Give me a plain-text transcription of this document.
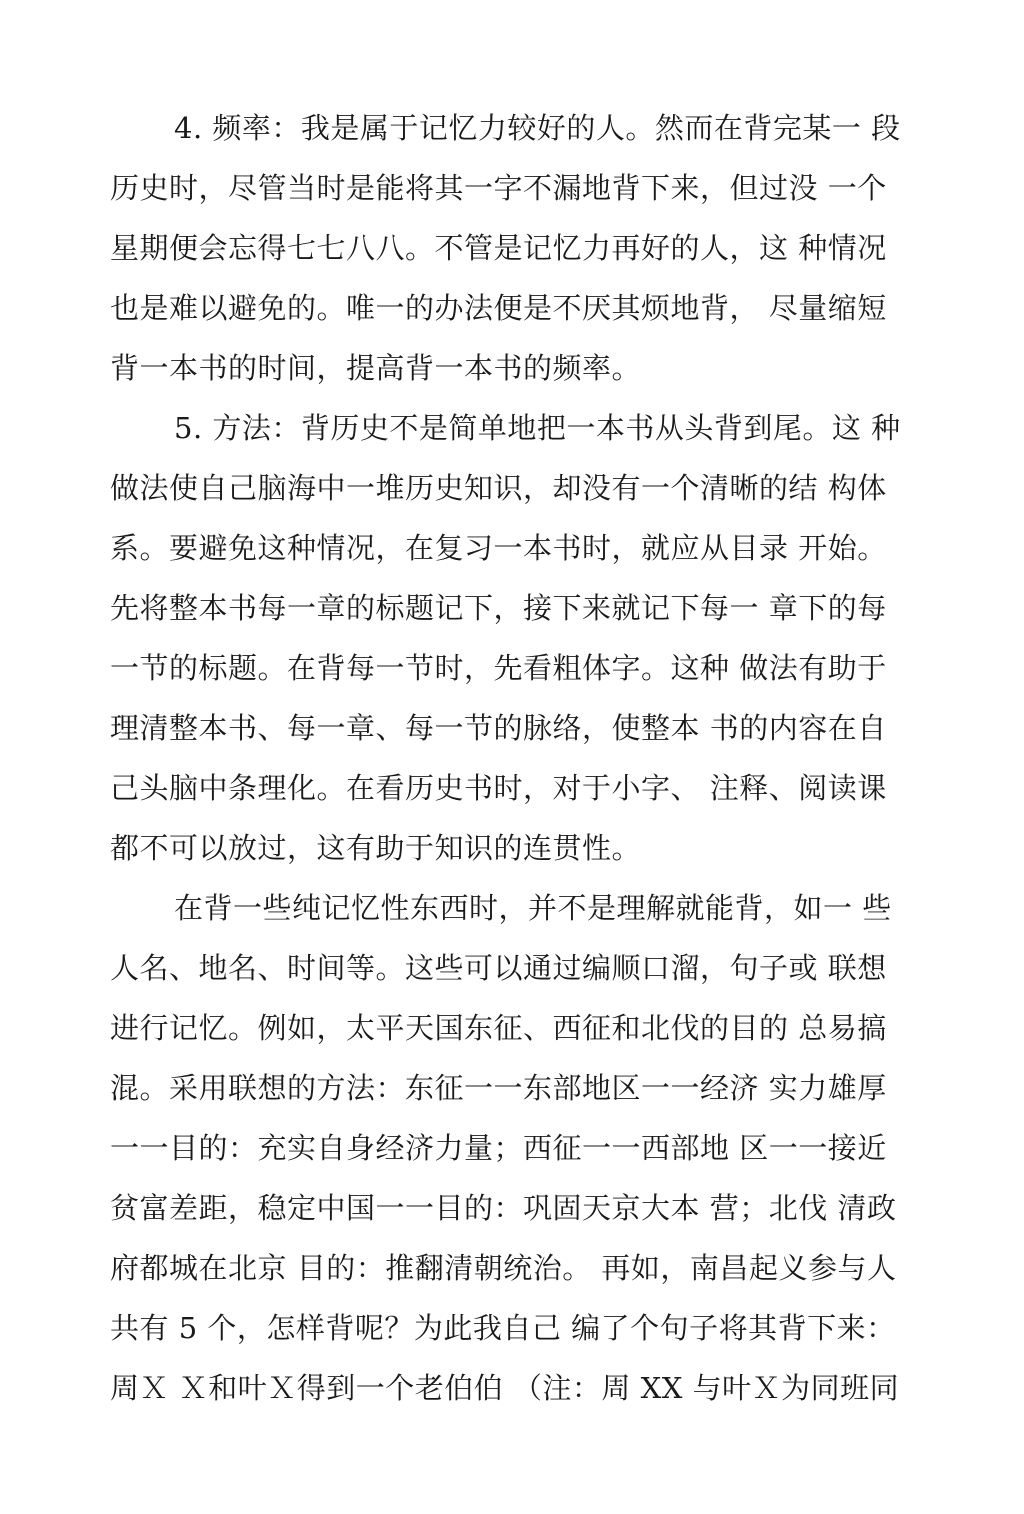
4. 频率：我是属于记忆力较好的人。然而在背完某一 段
历史时，尽管当时是能将其一字不漏地背下来，但过没 一个
星期便会忘得七七八八。不管是记忆力再好的人，这 种情况
也是难以避免的。唯一的办法便是不厌其烦地背， 尽量缩短
背一本书的时间，提高背一本书的频率。
5. 方法：背历史不是简单地把一本书从头背到尾。这 种
做法使自己脑海中一堆历史知识，却没有一个清晰的结 构体
系。要避免这种情况，在复习一本书时，就应从目录 开始。
先将整本书每一章的标题记下，接下来就记下每一 章下的每
一节的标题。在背每一节时，先看粗体字。这种 做法有助于
理清整本书、每一章、每一节的脉络，使整本 书的内容在自
己头脑中条理化。在看历史书时，对于小字、 注释、阅读课
都不可以放过，这有助于知识的连贯性。
在背一些纯记忆性东西时，并不是理解就能背，如一 些
人名、地名、时间等。这些可以通过编顺口溜，句子或 联想
进行记忆。例如，太平天国东征、西征和北伐的目的 总易搞
混。采用联想的方法：东征一一东部地区一一经济 实力雄厚
一一目的：充实自身经济力量；西征一一西部地 区一一接近
贫富差距，稳定中国一一目的：巩固天京大本 营；北伐 清政
府都城在北京 目的：推翻清朝统治。 再如，南昌起义参与人
共有 5 个，怎样背呢？为此我自己 编了个句子将其背下来：
周Ｘ Ｘ和叶Ｘ得到一个老伯伯 （注：周 XX 与叶Ｘ为同班同
